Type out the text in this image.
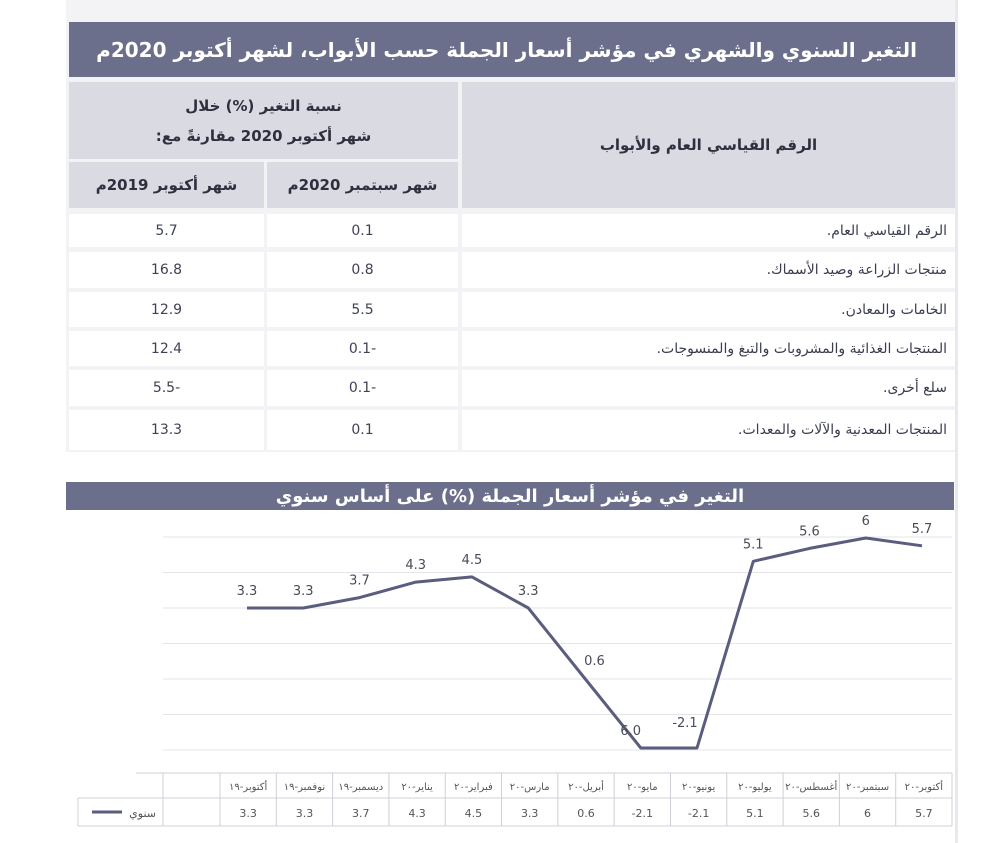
التغير السنوي والشهري في مؤشر أسعار الجملة حسب الأبواب، لشهر أكتوبر 2020م
الرقم القياسي العام والأبواب
نسبة التغير (%) خلال
شهر أكتوبر 2020 مقارنةً مع:
شهر سبتمبر 2020م
شهر أكتوبر 2019م
الرقم القياسي العام.
0.1
5.7
منتجات الزراعة وصيد الأسماك.
0.8
16.8
الخامات والمعادن.
5.5
12.9
المنتجات الغذائية والمشروبات والتبغ والمنسوجات.
0.1-
12.4
سلع أخرى.
0.1-
5.5-
المنتجات المعدنية والآلات والمعدات.
0.1
13.3
التغير في مؤشر أسعار الجملة (%) على أساس سنوي
3.3	3.3
3.7
4.3	4.5
3.3
0.6
6.0
-2.1
5.1
5.6
6
5.7
أكتوبر-١٩
3.3
نوفمبر-١٩
3.3
ديسمبر-١٩
3.7
يناير-٢٠
4.3
فبراير-٢٠
4.5
مارس-٢٠
3.3
أبريل-٢٠
0.6
مايو-٢٠
-2.1
يونيو-٢٠
-2.1
يوليو-٢٠
5.1
أغسطس-٢٠
5.6
سبتمبر-٢٠
6
أكتوبر-٢٠
5.7
سنوي
